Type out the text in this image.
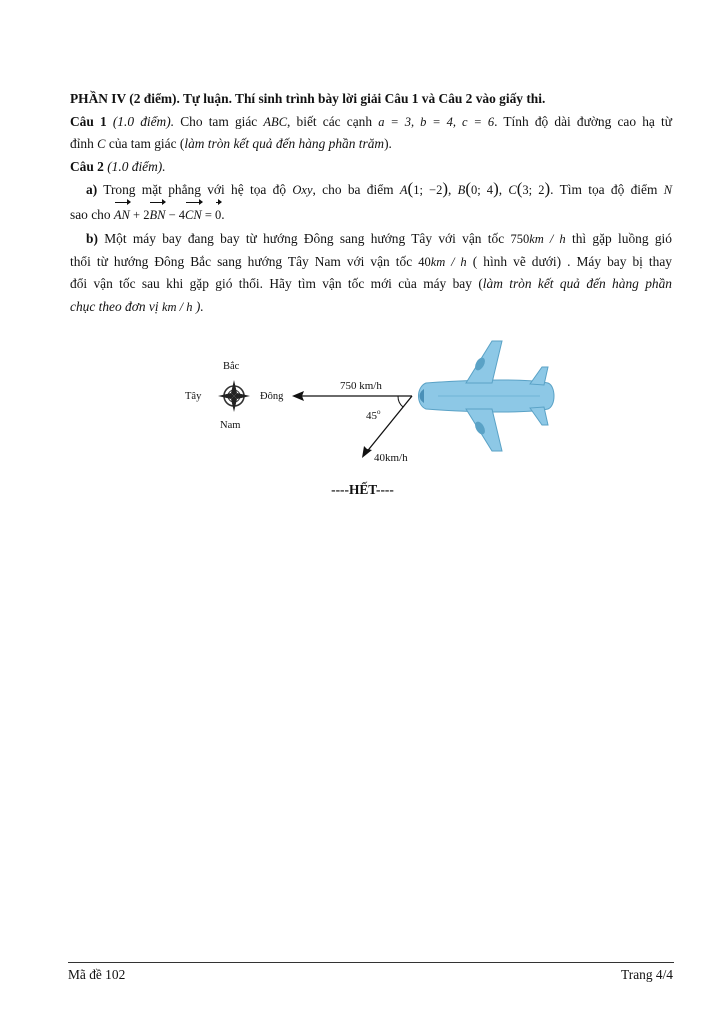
PHẦN IV (2 điểm). Tự luận. Thí sinh trình bày lời giải Câu 1 và Câu 2 vào giấy thi.
Câu 1 (1.0 điểm). Cho tam giác ABC, biết các cạnh a = 3, b = 4, c = 6. Tính độ dài đường cao hạ từ
đỉnh C của tam giác (làm tròn kết quả đến hàng phần trăm).
Câu 2 (1.0 điểm).
a) Trong mặt phẳng với hệ tọa độ Oxy, cho ba điểm A(1; −2), B(0; 4), C(3; 2). Tìm tọa độ điểm N
sao cho AN + 2BN − 4CN = 0.
b) Một máy bay đang bay từ hướng Đông sang hướng Tây với vận tốc 750km / h thì gặp luồng gió
thổi từ hướng Đông Bắc sang hướng Tây Nam với vận tốc 40km / h ( hình vẽ dưới) . Máy bay bị thay
đổi vận tốc sau khi gặp gió thổi. Hãy tìm vận tốc mới của máy bay (làm tròn kết quả đến hàng phần
chục theo đơn vị km / h ).
Bắc
Nam
Tây	Đông
750 km/h
45$^o$
40km/h
----HẾT----
Mã đề 102	Trang 4/4
